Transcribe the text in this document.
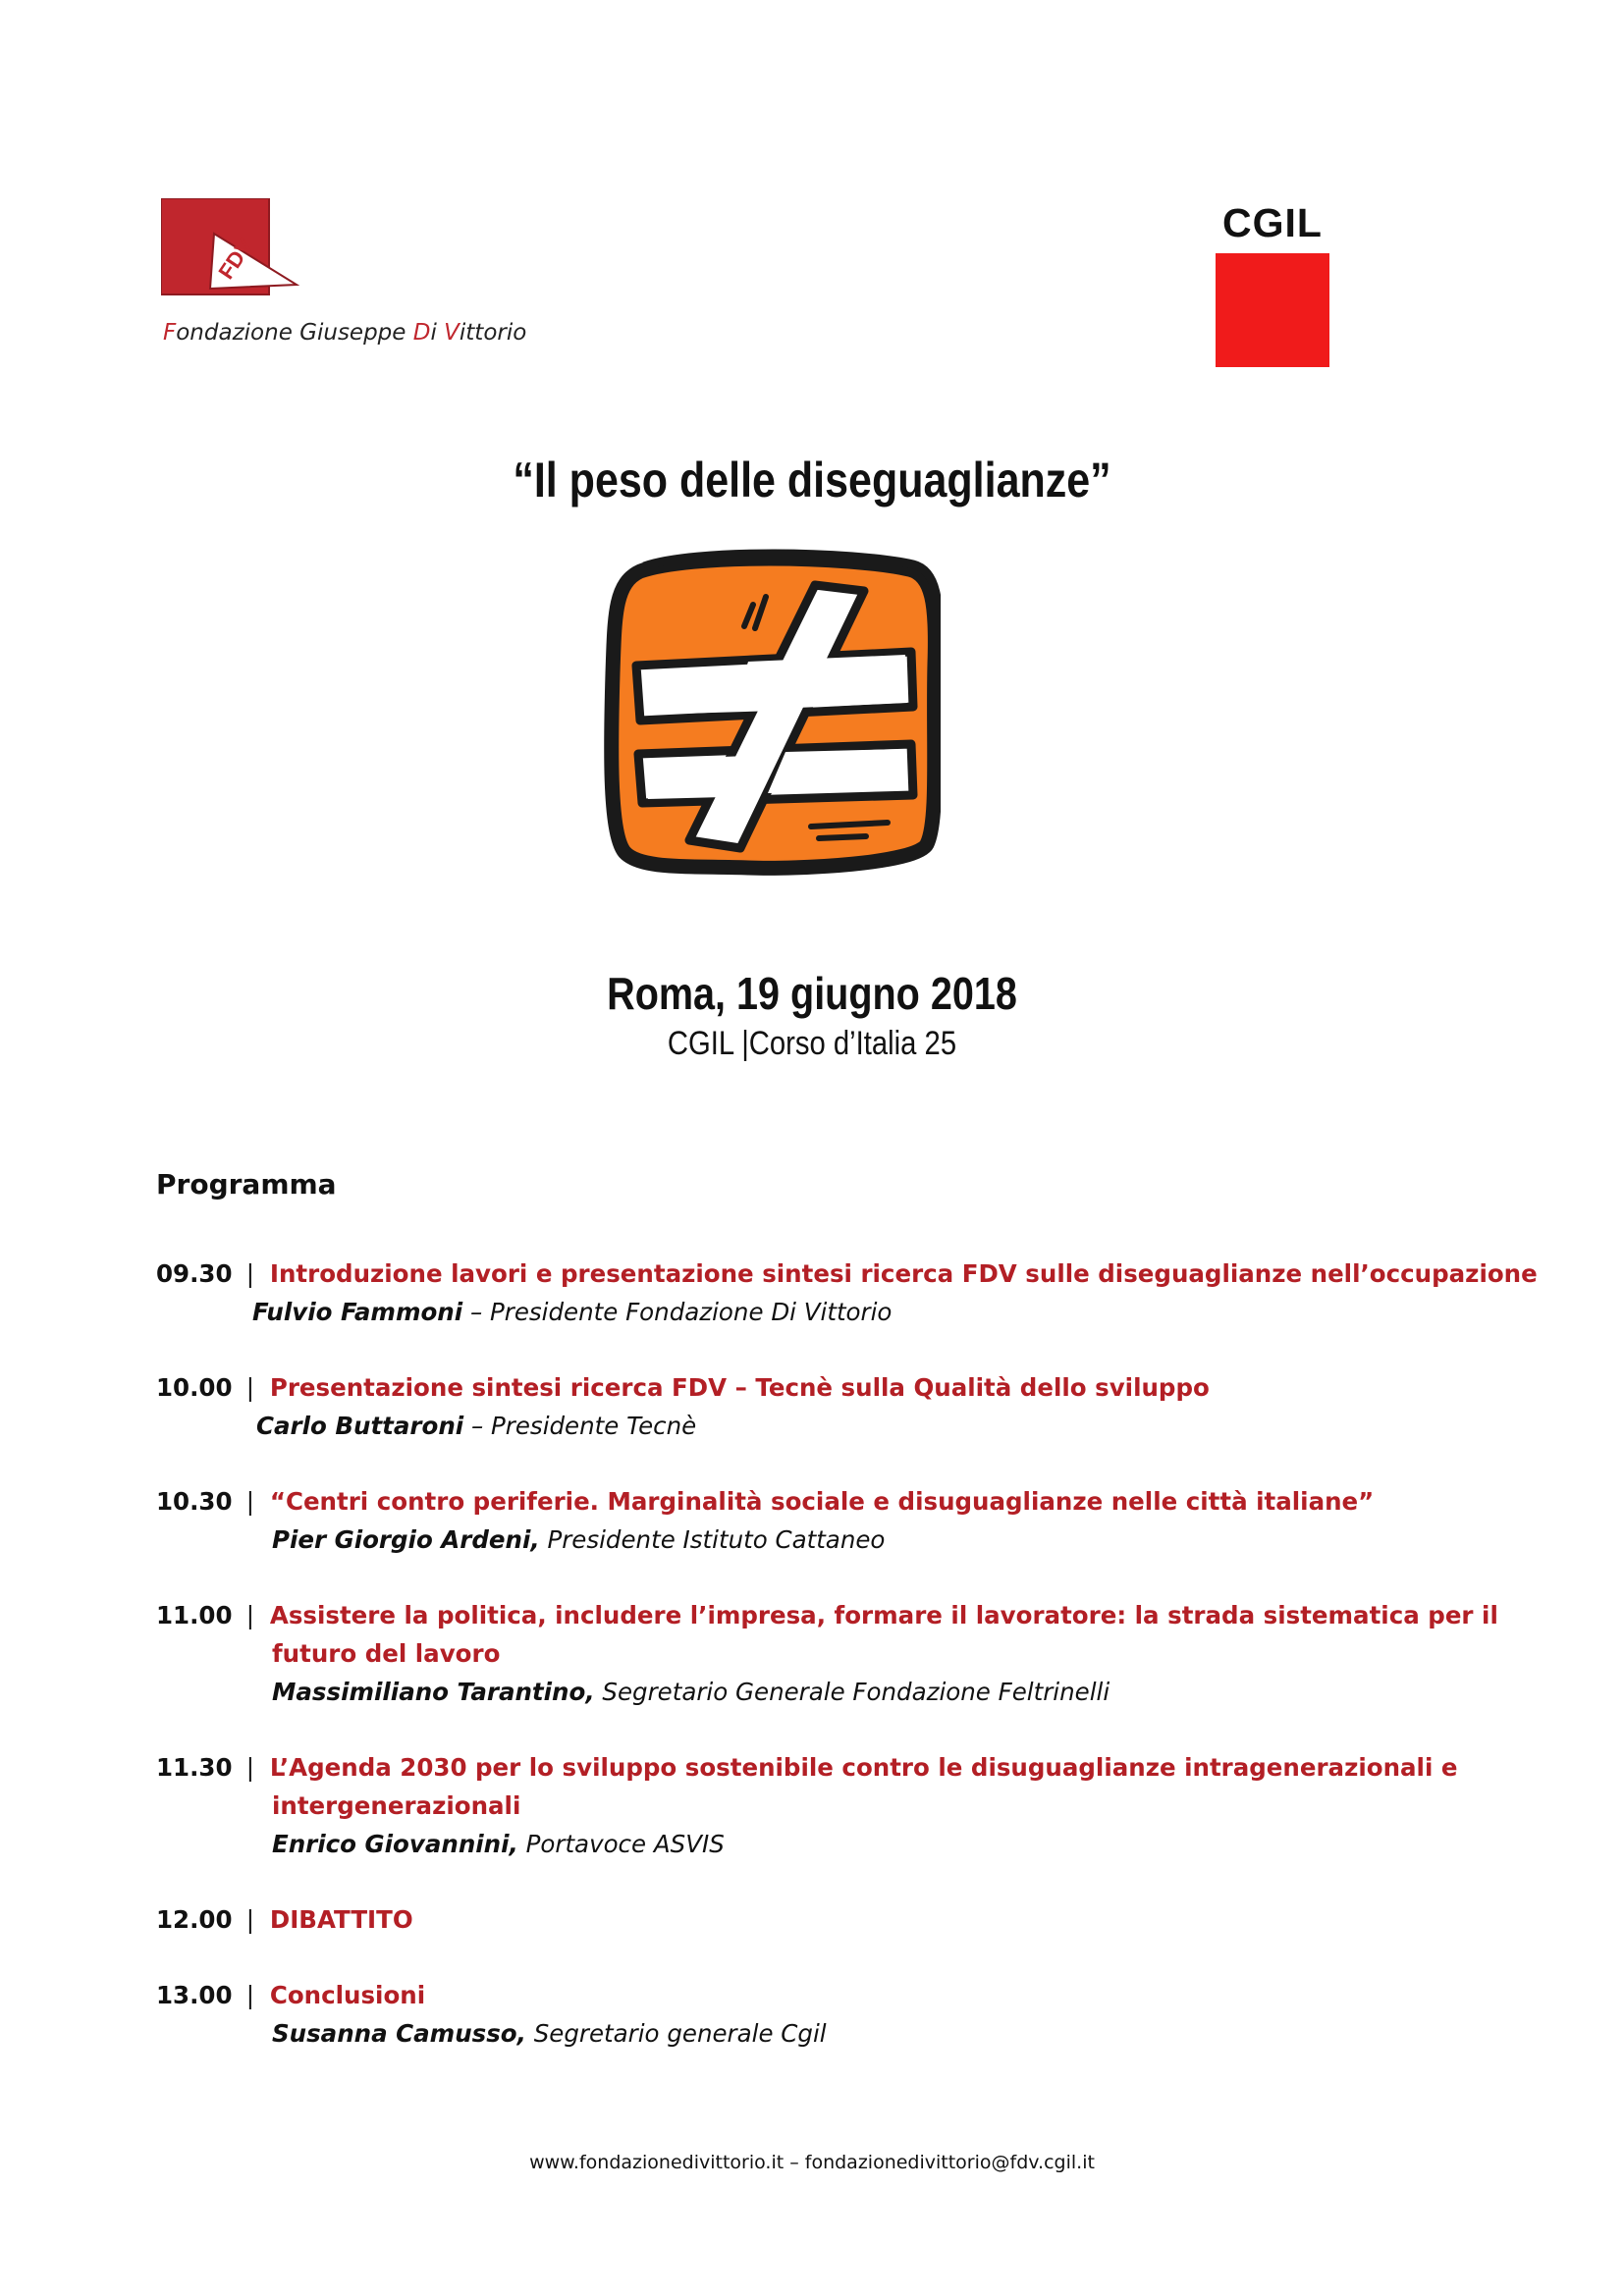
FDV
Fondazione Giuseppe Di Vittorio
CGIL
“Il peso delle diseguaglianze”
Roma, 19 giugno 2018
CGIL |Corso d’Italia 25
Programma
09.30 | Introduzione lavori e presentazione sintesi ricerca FDV sulle diseguaglianze nell’occupazione
Fulvio Fammoni – Presidente Fondazione Di Vittorio
10.00 | Presentazione sintesi ricerca FDV – Tecnè sulla Qualità dello sviluppo
Carlo Buttaroni – Presidente Tecnè
10.30 | “Centri contro periferie. Marginalità sociale e disuguaglianze nelle città italiane”
Pier Giorgio Ardeni, Presidente Istituto Cattaneo
11.00 | Assistere la politica, includere l’impresa, formare il lavoratore: la strada sistematica per il
futuro del lavoro
Massimiliano Tarantino, Segretario Generale Fondazione Feltrinelli
11.30 | L’Agenda 2030 per lo sviluppo sostenibile contro le disuguaglianze intragenerazionali e
intergenerazionali
Enrico Giovannini, Portavoce ASVIS
12.00 | DIBATTITO
13.00 | Conclusioni
Susanna Camusso, Segretario generale Cgil
www.fondazionedivittorio.it – fondazionedivittorio@fdv.cgil.it
